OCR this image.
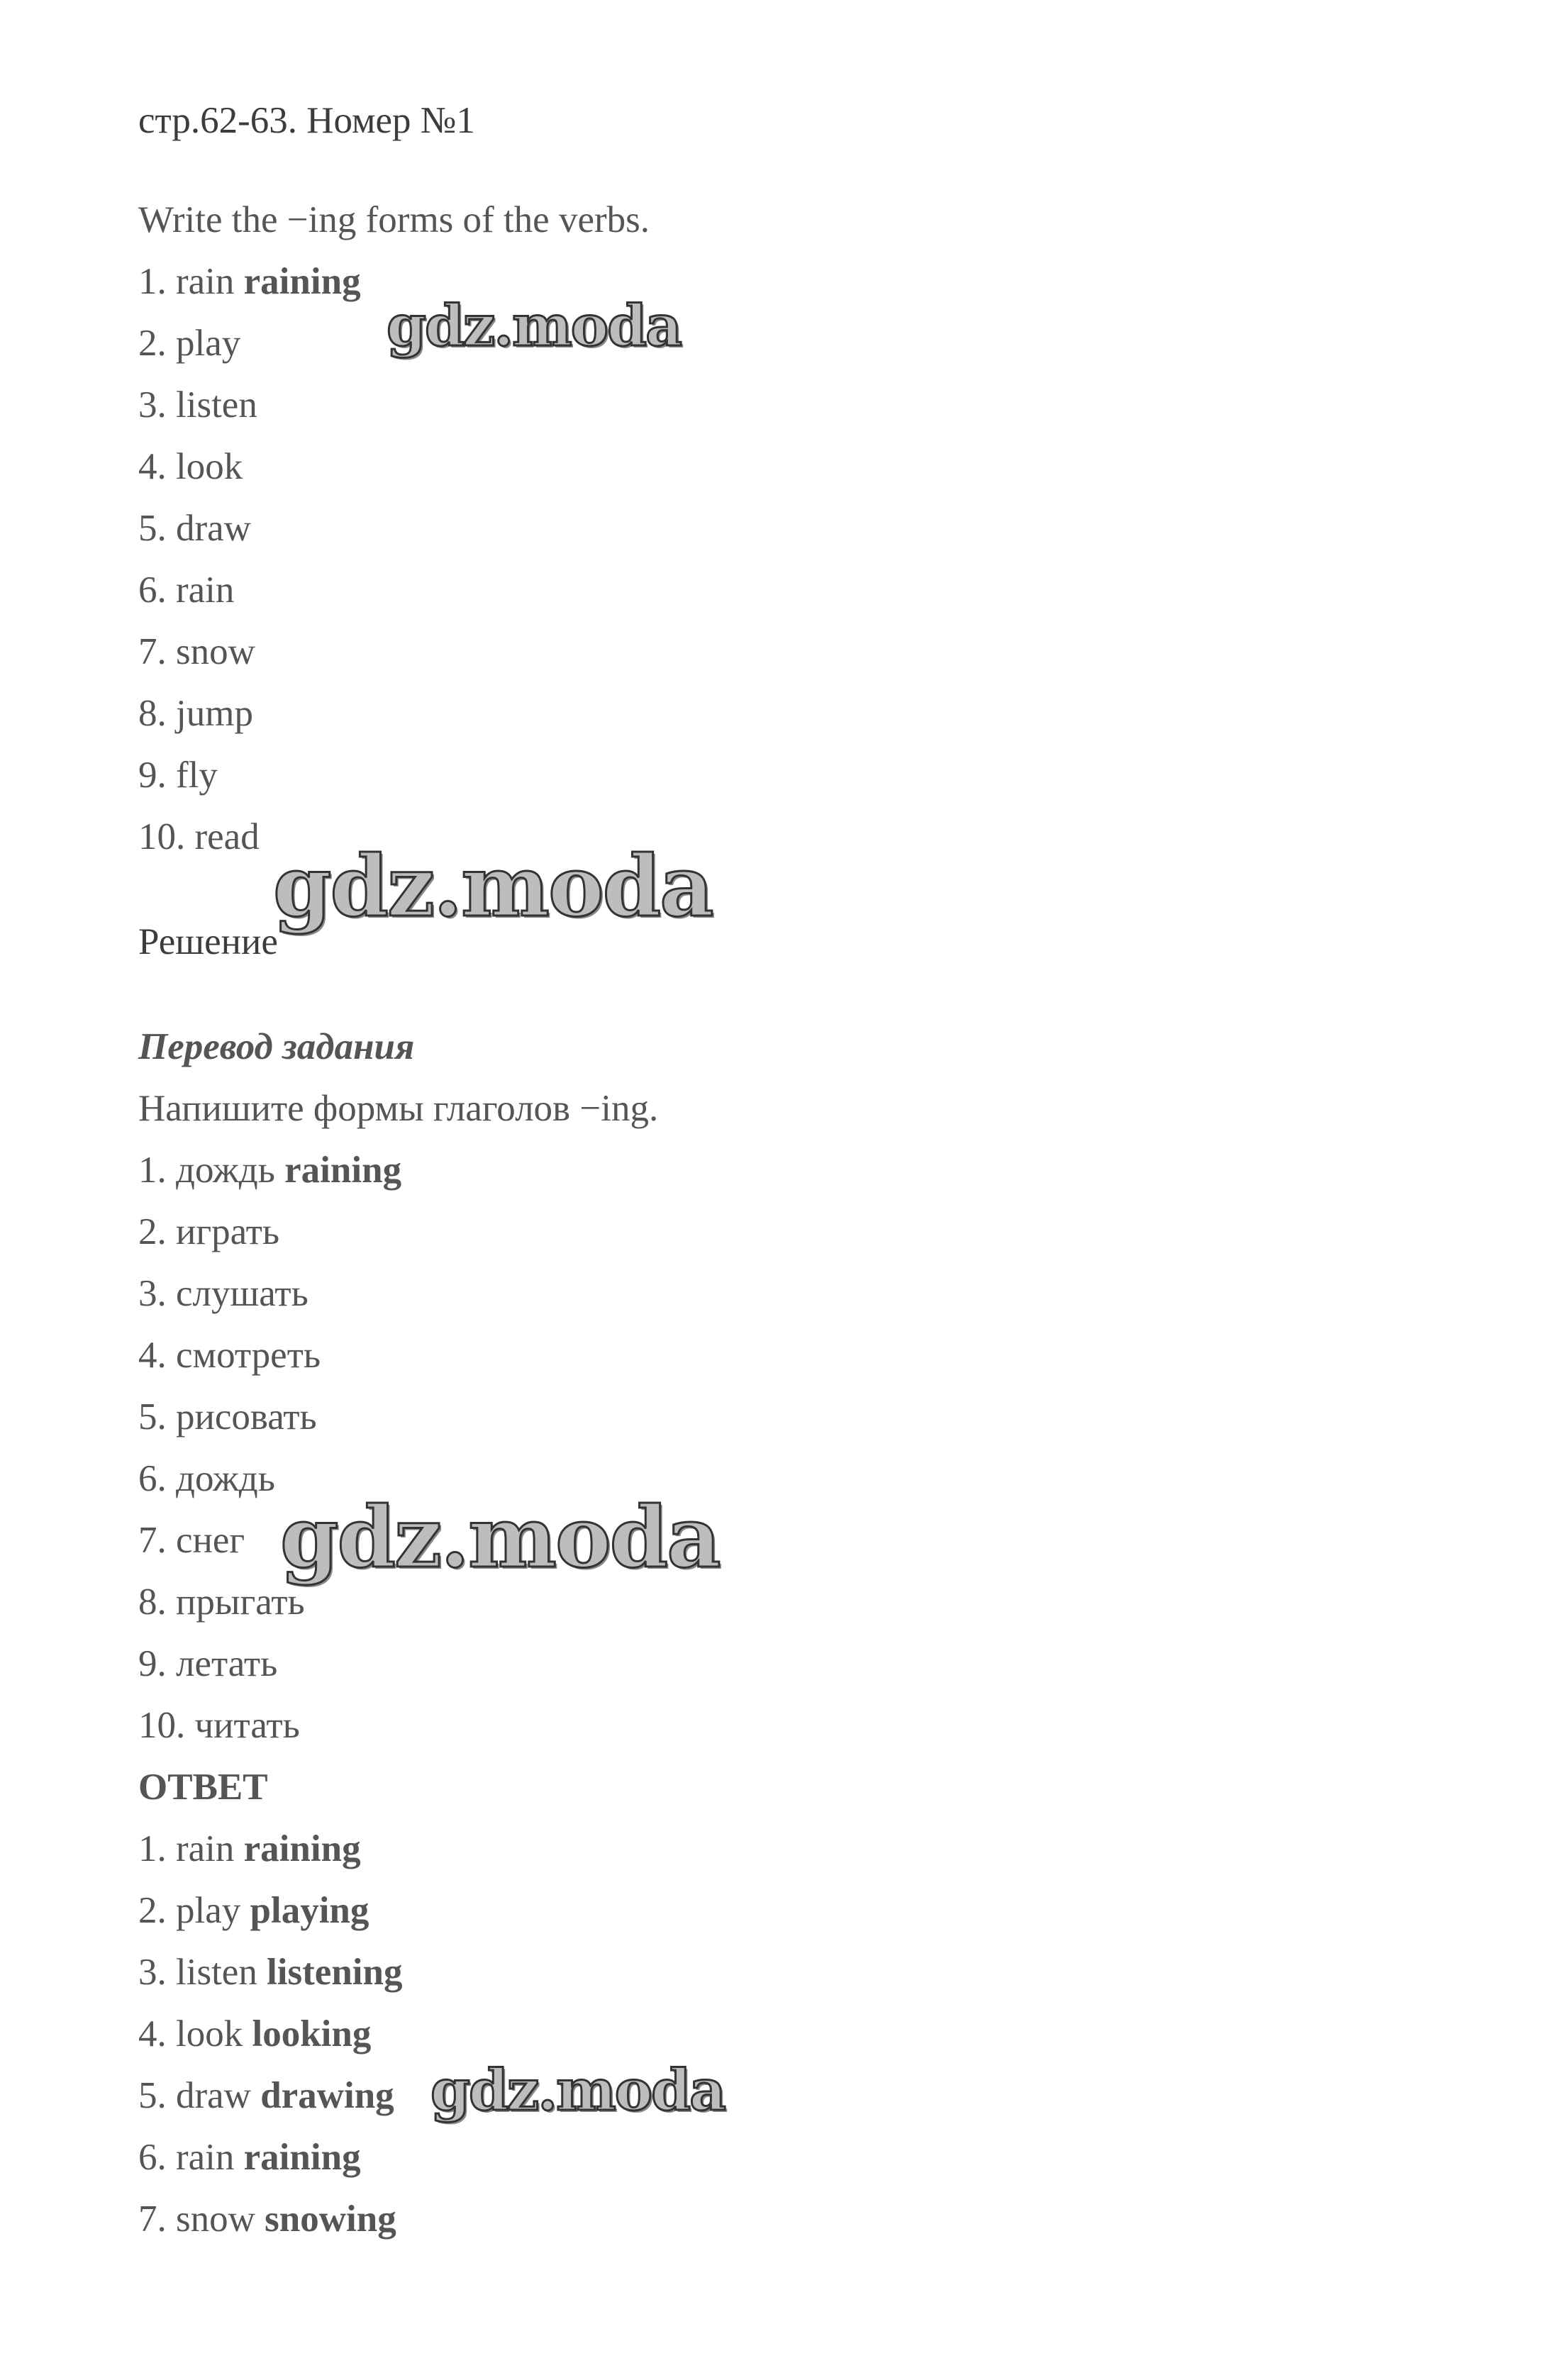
стр.62-63. Номер №1
Write the −ing forms of the verbs.
1. rain raining
2. play
3. listen
4. look
5. draw
6. rain
7. snow
8. jump
9. fly
10. read
Решение
Перевод задания
Напишите формы глаголов −ing.
1. дождь raining
2. играть
3. слушать
4. смотреть
5. рисовать
6. дождь
7. снег
8. прыгать
9. летать
10. читать
ОТВЕТ
1. rain raining
2. play playing
3. listen listening
4. look looking
5. draw drawing
6. rain raining
7. snow snowing
gdz.moda
gdz.moda
gdz.moda
gdz.moda
